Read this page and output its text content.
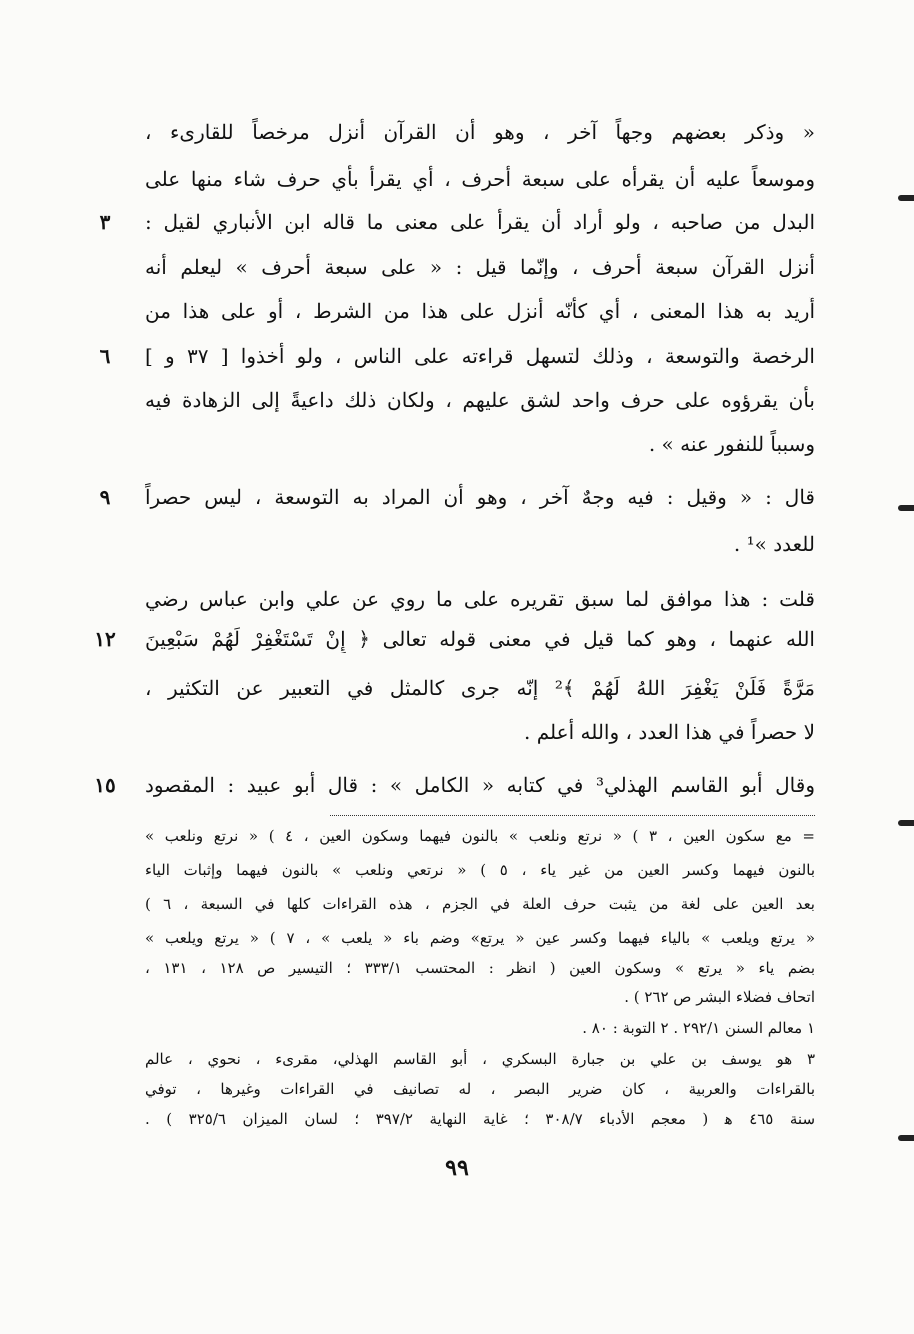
« وذكر بعضهم وجهاً آخر ، وهو أن القرآن أنزل مرخصاً للقارىء ،
وموسعاً عليه أن يقرأه على سبعة أحرف ، أي يقرأ بأي حرف شاء منها على
البدل من صاحبه ، ولو أراد أن يقرأ على معنى ما قاله ابن الأنباري لقيل :
أنزل القرآن سبعة أحرف ، وإنّما قيل : « على سبعة أحرف » ليعلم أنه
أُريد به هذا المعنى ، أي كأنّه أنزل على هذا من الشرط ، أو على هذا من
الرخصة والتوسعة ، وذلك لتسهل قراءته على الناس ، ولو أخذوا [ ٣٧ و ]
بأن يقرؤوه على حرف واحد لشق عليهم ، ولكان ذلك داعيةً إلى الزهادة فيه
وسبباً للنفور عنه » .
قال : « وقيل : فيه وجهٌ آخر ، وهو أن المراد به التوسعة ، ليس حصراً
للعدد »¹ .
قلت : هذا موافق لما سبق تقريره على ما روي عن علي وابن عباس رضي
الله عنهما ، وهو كما قيل في معنى قوله تعالى ﴿ إِنْ تَسْتَغْفِرْ لَهُمْ سَبْعِينَ
مَرَّةً فَلَنْ يَغْفِرَ اللهُ لَهُمْ ﴾² إنّه جرى كالمثل في التعبير عن التكثير ،
لا حصراً في هذا العدد ، والله أعلم .
وقال أبو القاسم الهذلي³ في كتابه « الكامل » : قال أبو عبيد : المقصود
٣
٦
٩
١٢
١٥
= مع سكون العين ، ٣ ) « نرتع ونلعب » بالنون فيهما وسكون العين ، ٤ ) « نرتع ونلعب »
بالنون فيهما وكسر العين من غير ياء ، ٥ ) « نرتعي ونلعب » بالنون فيهما وإثبات الياء
بعد العين على لغة من يثبت حرف العلة في الجزم ، هذه القراءات كلها في السبعة ، ٦ )
« يرتع ويلعب » بالياء فيهما وكسر عين « يرتع» وضم باء « يلعب » ، ٧ ) « يرتع ويلعب »
بضم ياء « يرتع » وسكون العين ( انظر : المحتسب ٣٣٣/١ ؛ التيسير ص ١٢٨ ، ١٣١ ،
اتحاف فضلاء البشر ص ٢٦٢ ) .
١ معالم السنن ٢٩٢/١ . ٢ التوبة : ٨٠ .
٣ هو يوسف بن علي بن جبارة البسكري ، أبو القاسم الهذلي، مقرىء ، نحوي ، عالم
بالقراءات والعربية ، كان ضرير البصر ، له تصانيف في القراءات وغيرها ، توفي
سنة ٤٦٥ ﻫ ( معجم الأدباء ٣٠٨/٧ ؛ غاية النهاية ٣٩٧/٢ ؛ لسان الميزان ٣٢٥/٦ ) .
٩٩
